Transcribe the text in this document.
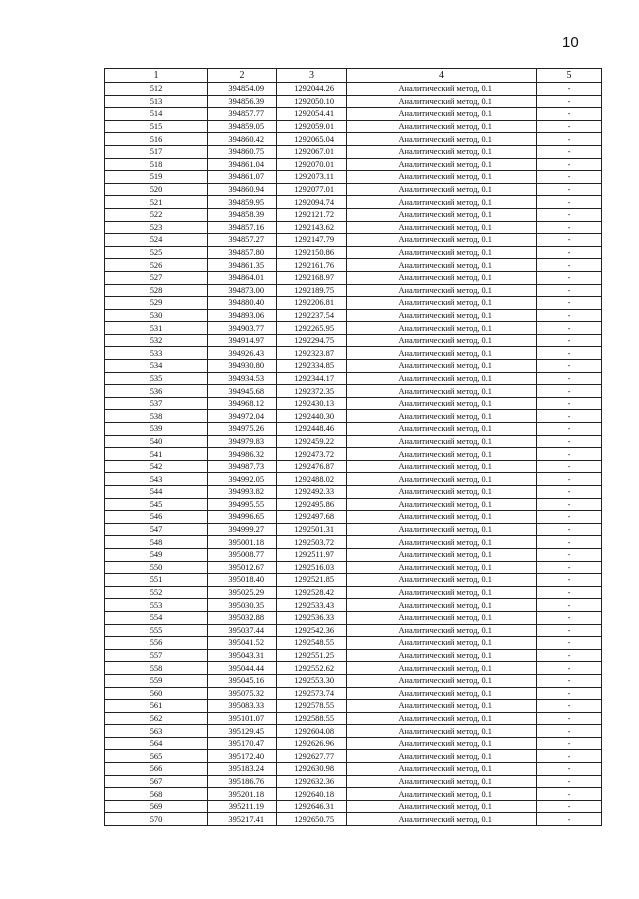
10
1	2	3	4	5
512	394854.09	1292044.26	Аналитический метод, 0.1	-
513	394856.39	1292050.10	Аналитический метод, 0.1	-
514	394857.77	1292054.41	Аналитический метод, 0.1	-
515	394859.05	1292059.01	Аналитический метод, 0.1	-
516	394860.42	1292065.04	Аналитический метод, 0.1	-
517	394860.75	1292067.01	Аналитический метод, 0.1	-
518	394861.04	1292070.01	Аналитический метод, 0.1	-
519	394861.07	1292073.11	Аналитический метод, 0.1	-
520	394860.94	1292077.01	Аналитический метод, 0.1	-
521	394859.95	1292094.74	Аналитический метод, 0.1	-
522	394858.39	1292121.72	Аналитический метод, 0.1	-
523	394857.16	1292143.62	Аналитический метод, 0.1	-
524	394857.27	1292147.79	Аналитический метод, 0.1	-
525	394857.80	1292150.86	Аналитический метод, 0.1	-
526	394861.35	1292161.76	Аналитический метод, 0.1	-
527	394864.01	1292168.97	Аналитический метод, 0.1	-
528	394873.00	1292189.75	Аналитический метод, 0.1	-
529	394880.40	1292206.81	Аналитический метод, 0.1	-
530	394893.06	1292237.54	Аналитический метод, 0.1	-
531	394903.77	1292265.95	Аналитический метод, 0.1	-
532	394914.97	1292294.75	Аналитический метод, 0.1	-
533	394926.43	1292323.87	Аналитический метод, 0.1	-
534	394930.80	1292334.85	Аналитический метод, 0.1	-
535	394934.53	1292344.17	Аналитический метод, 0.1	-
536	394945.68	1292372.35	Аналитический метод, 0.1	-
537	394968.12	1292430.13	Аналитический метод, 0.1	-
538	394972.04	1292440.30	Аналитический метод, 0.1	-
539	394975.26	1292448.46	Аналитический метод, 0.1	-
540	394979.83	1292459.22	Аналитический метод, 0.1	-
541	394986.32	1292473.72	Аналитический метод, 0.1	-
542	394987.73	1292476.87	Аналитический метод, 0.1	-
543	394992.05	1292488.02	Аналитический метод, 0.1	-
544	394993.82	1292492.33	Аналитический метод, 0.1	-
545	394995.55	1292495.86	Аналитический метод, 0.1	-
546	394996.65	1292497.68	Аналитический метод, 0.1	-
547	394999.27	1292501.31	Аналитический метод, 0.1	-
548	395001.18	1292503.72	Аналитический метод, 0.1	-
549	395008.77	1292511.97	Аналитический метод, 0.1	-
550	395012.67	1292516.03	Аналитический метод, 0.1	-
551	395018.40	1292521.85	Аналитический метод, 0.1	-
552	395025.29	1292528.42	Аналитический метод, 0.1	-
553	395030.35	1292533.43	Аналитический метод, 0.1	-
554	395032.88	1292536.33	Аналитический метод, 0.1	-
555	395037.44	1292542.36	Аналитический метод, 0.1	-
556	395041.52	1292548.55	Аналитический метод, 0.1	-
557	395043.31	1292551.25	Аналитический метод, 0.1	-
558	395044.44	1292552.62	Аналитический метод, 0.1	-
559	395045.16	1292553.30	Аналитический метод, 0.1	-
560	395075.32	1292573.74	Аналитический метод, 0.1	-
561	395083.33	1292578.55	Аналитический метод, 0.1	-
562	395101.07	1292588.55	Аналитический метод, 0.1	-
563	395129.45	1292604.08	Аналитический метод, 0.1	-
564	395170.47	1292626.96	Аналитический метод, 0.1	-
565	395172.40	1292627.77	Аналитический метод, 0.1	-
566	395183.24	1292630.98	Аналитический метод, 0.1	-
567	395186.76	1292632.36	Аналитический метод, 0.1	-
568	395201.18	1292640.18	Аналитический метод, 0.1	-
569	395211.19	1292646.31	Аналитический метод, 0.1	-
570	395217.41	1292650.75	Аналитический метод, 0.1	-
